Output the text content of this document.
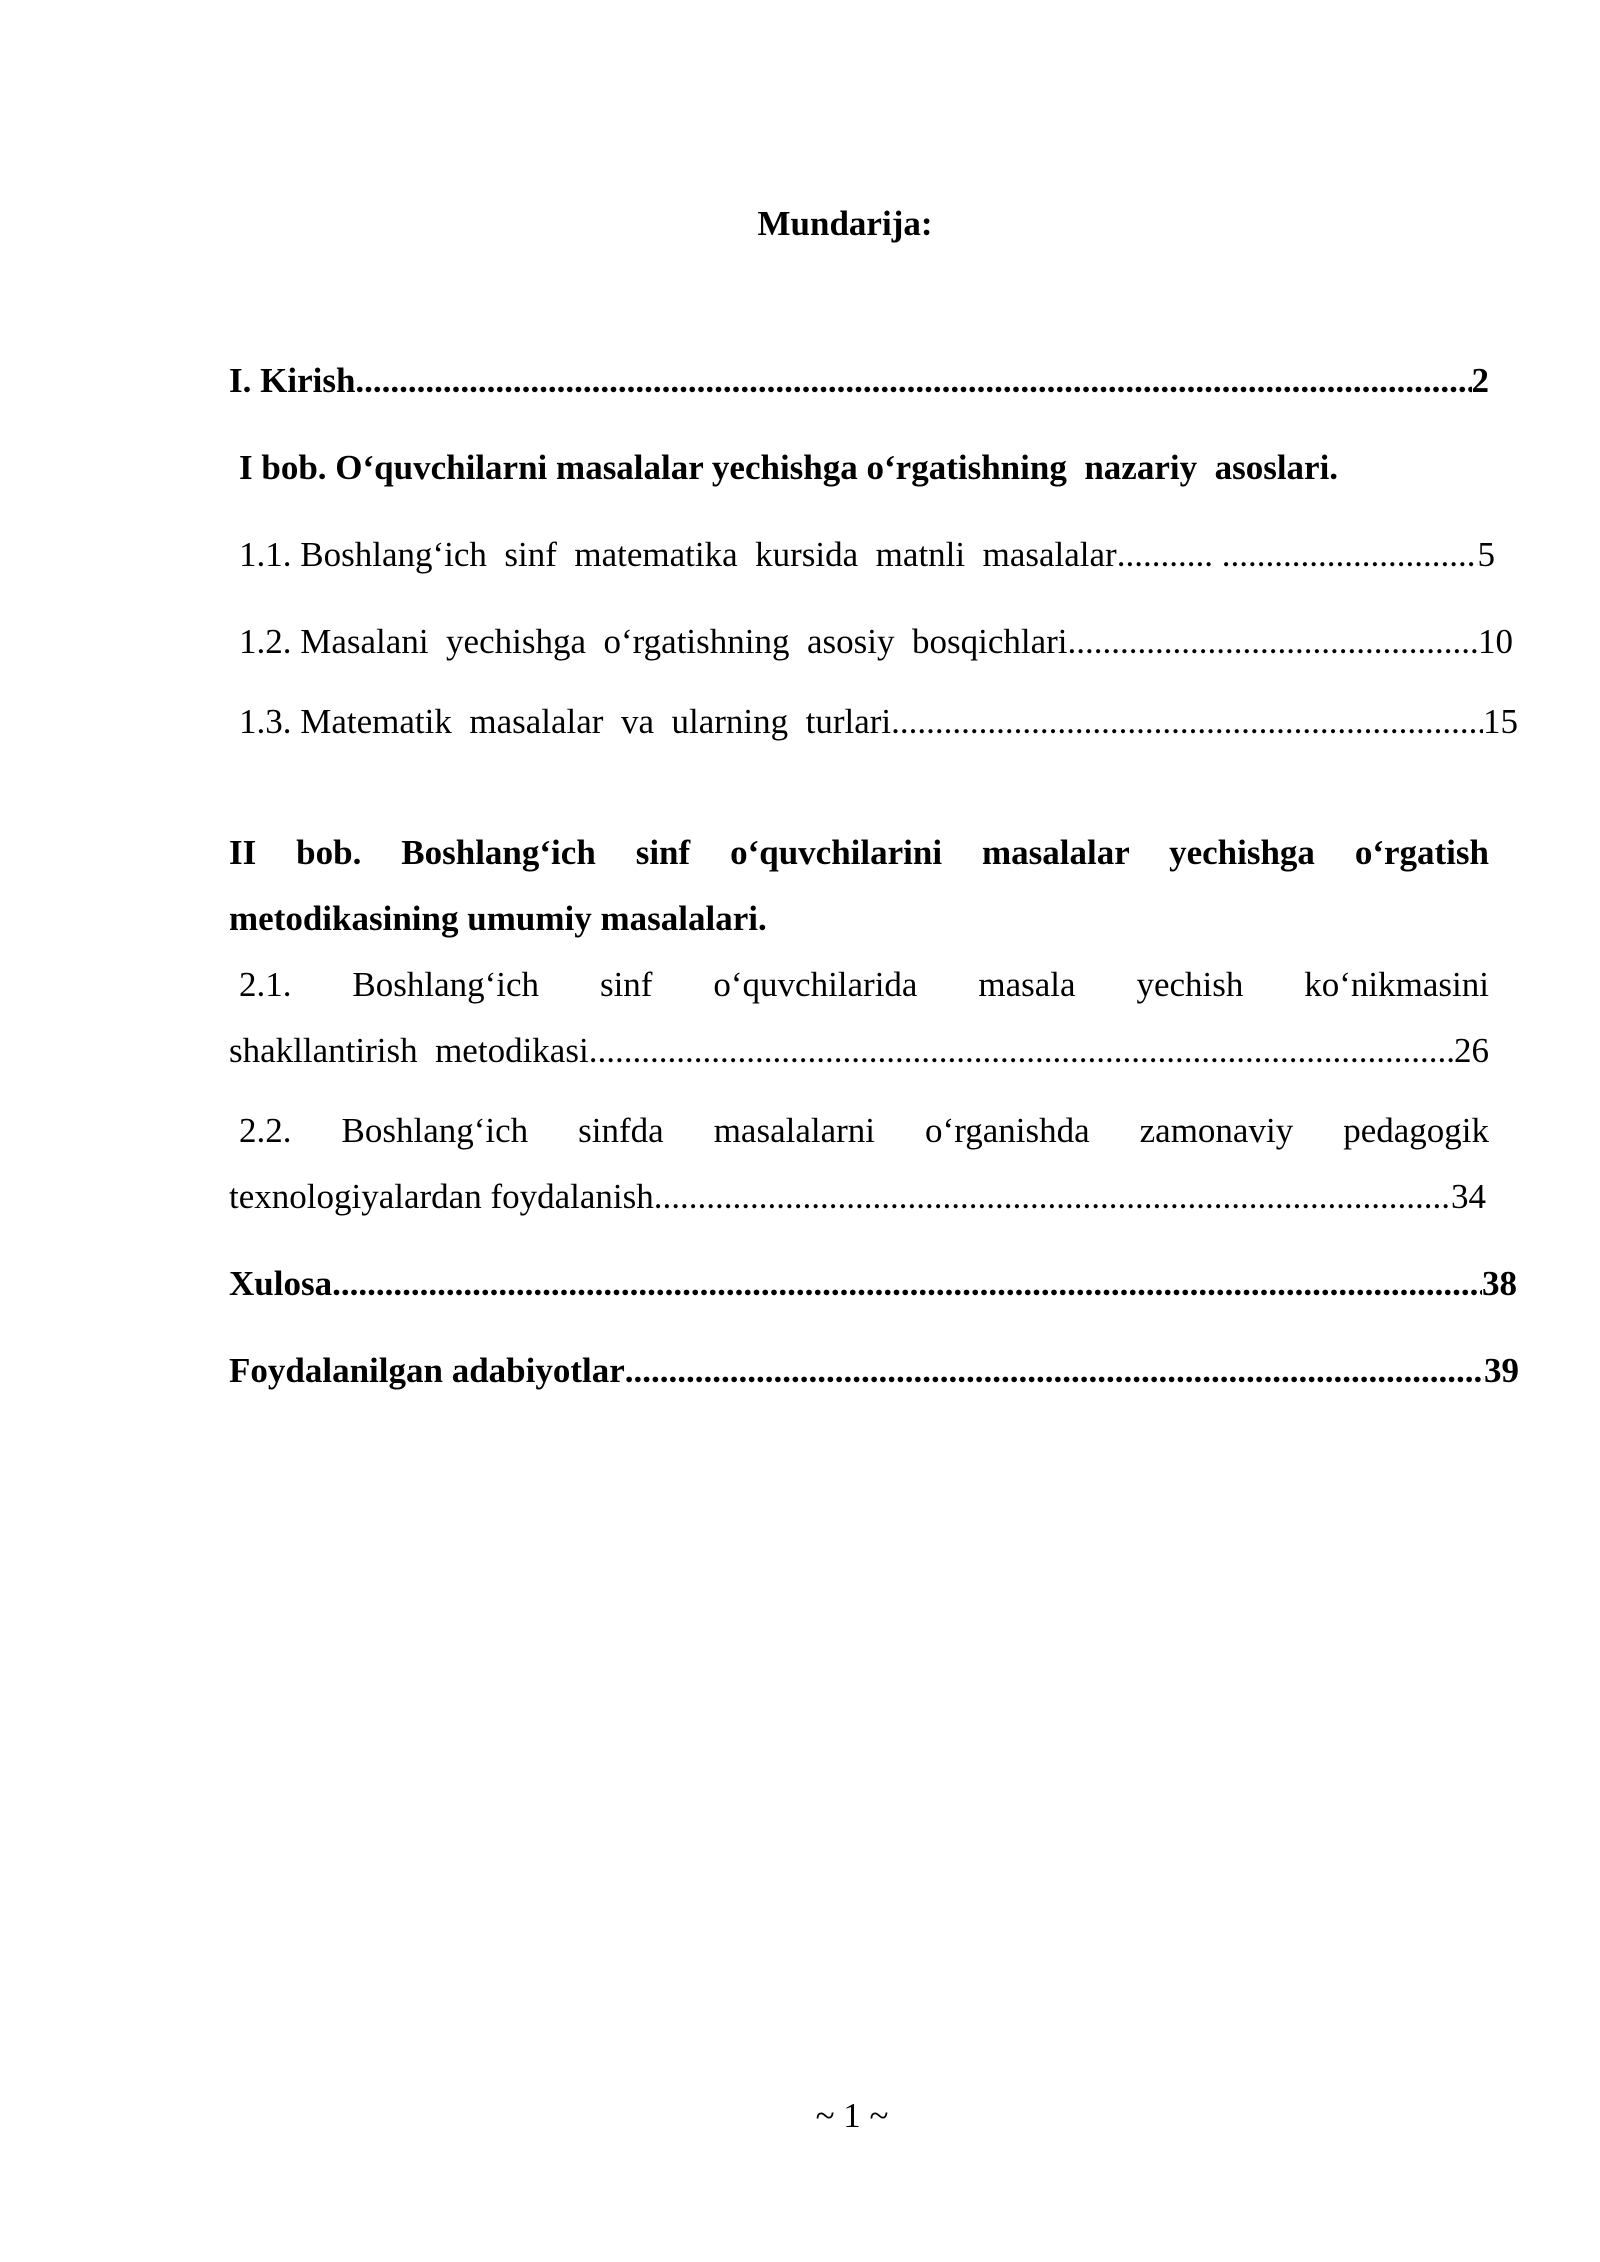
Mundarija:
I. Kirish .....	2
I bob. O‘quvchilarni masalalar yechishga o‘rgatishning  nazariy  asoslari.
1.1. Boshlang‘ich  sinf  matematika  kursida  matnli  masalalar ........... .....	5
1.2. Masalani  yechishga  o‘rgatishning  asosiy  bosqichlari .....	10
1.3. Matematik  masalalar  va  ularning  turlari .....	15
II bob. Boshlang‘ich sinf o‘quvchilarini masalalar yechishga o‘rgatish
metodikasining umumiy masalalari.
2.1. Boshlang‘ich sinf o‘quvchilarida masala yechish ko‘nikmasini
shakllantirish  metodikasi .....	26
2.2. Boshlang‘ich sinfda masalalarni o‘rganishda zamonaviy pedagogik
texnologiyalardan foydalanish .....	34
Xulosa .....	38
Foydalanilgan adabiyotlar .....	39
~ 1 ~
